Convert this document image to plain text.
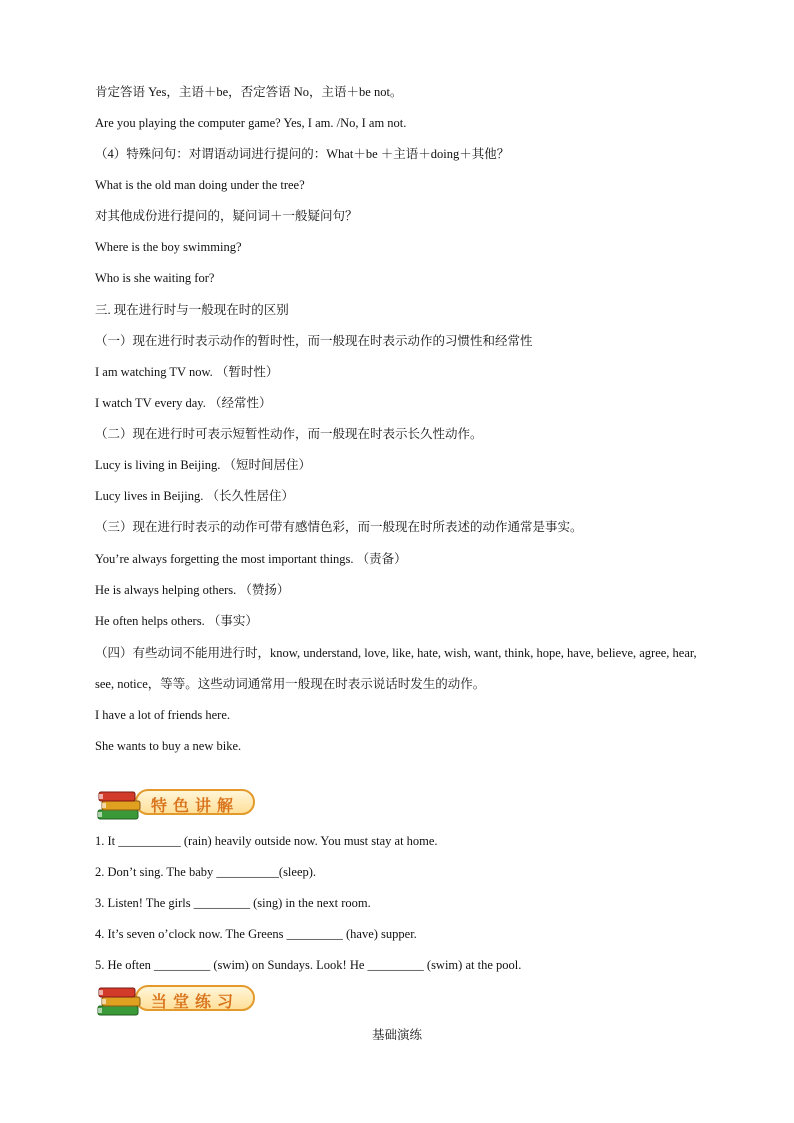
肯定答语 Yes，主语＋be，否定答语 No，主语＋be not。
Are you playing the computer game? Yes, I am. /No, I am not.
（4）特殊问句：对谓语动词进行提问的：What＋be ＋主语＋doing＋其他？
What is the old man doing under the tree?
对其他成份进行提问的，疑问词＋一般疑问句？
Where is the boy swimming?
Who is she waiting for?
三. 现在进行时与一般现在时的区别
（一）现在进行时表示动作的暂时性，而一般现在时表示动作的习惯性和经常性
I am watching TV now. （暂时性）
I watch TV every day. （经常性）
（二）现在进行时可表示短暂性动作，而一般现在时表示长久性动作。
Lucy is living in Beijing. （短时间居住）
Lucy lives in Beijing. （长久性居住）
（三）现在进行时表示的动作可带有感情色彩，而一般现在时所表述的动作通常是事实。
You’re always forgetting the most important things. （责备）
He is always helping others. （赞扬）
He often helps others. （事实）
（四）有些动词不能用进行时，know, understand, love, like, hate, wish, want, think, hope, have, believe, agree, hear, see, notice，等等。这些动词通常用一般现在时表示说话时发生的动作。
I have a lot of friends here.
She wants to buy a new bike.
特色讲解
1. It __________ (rain) heavily outside now. You must stay at home.
2. Don’t sing. The baby __________(sleep).
3. Listen! The girls _________ (sing) in the next room.
4. It’s seven o’clock now. The Greens _________ (have) supper.
5. He often _________ (swim) on Sundays. Look! He _________ (swim) at the pool.
当堂练习
基础演练
